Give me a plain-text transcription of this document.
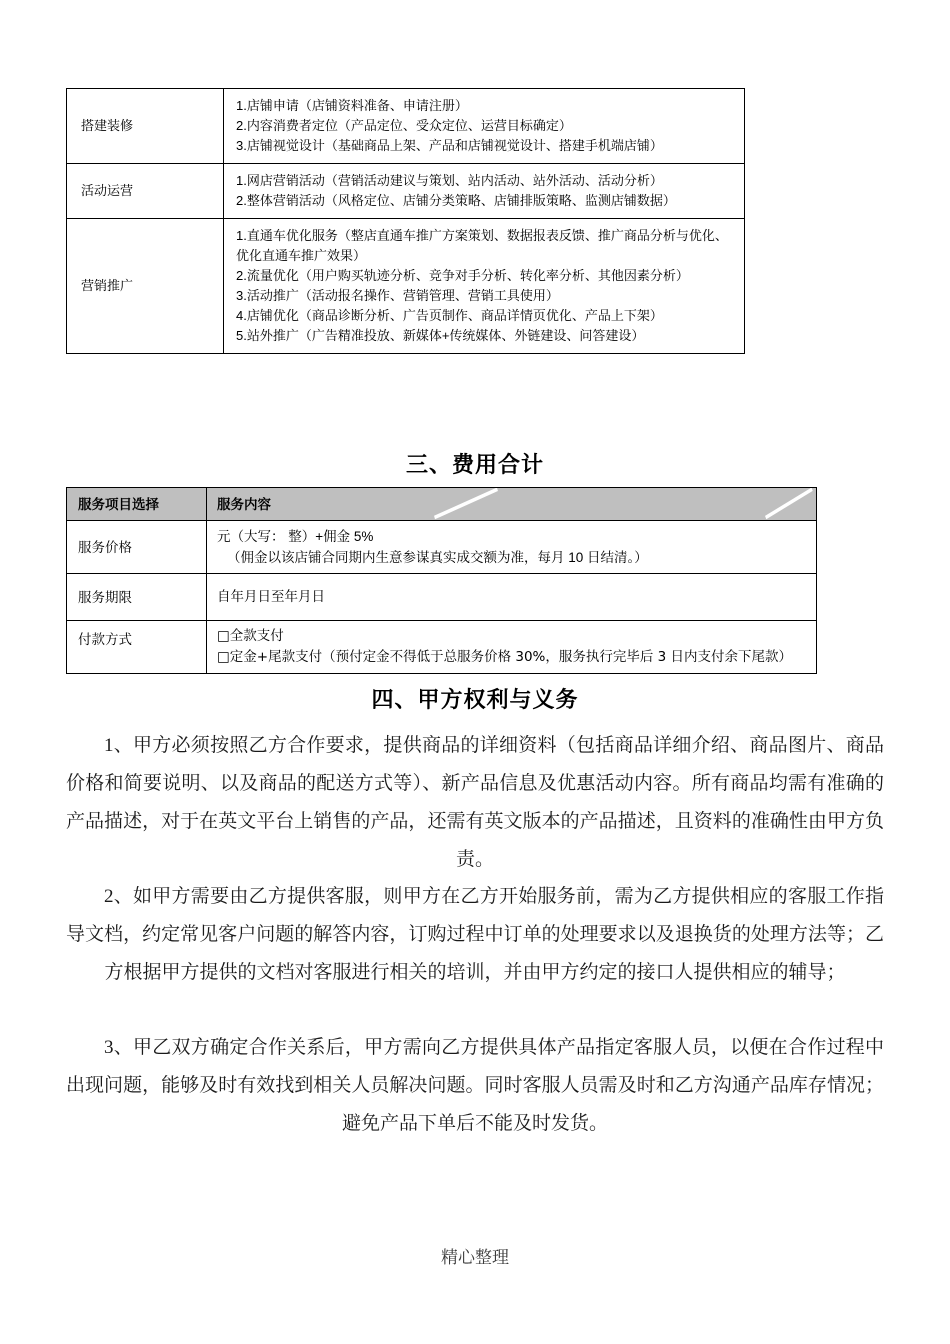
搭建装修	1.店铺申请（店铺资料准备、申请注册）
2.内容消费者定位（产品定位、受众定位、运营目标确定）
3.店铺视觉设计（基础商品上架、产品和店铺视觉设计、搭建手机端店铺）

活动运营	1.网店营销活动（营销活动建议与策划、站内活动、站外活动、活动分析）
2.整体营销活动（风格定位、店铺分类策略、店铺排版策略、监测店铺数据）

营销推广	1.直通车优化服务（整店直通车推广方案策划、数据报表反馈、推广商品分析与优化、优化直通车推广效果）
2.流量优化（用户购买轨迹分析、竞争对手分析、转化率分析、其他因素分析）
3.活动推广（活动报名操作、营销管理、营销工具使用）
4.店铺优化（商品诊断分析、广告页制作、商品详情页优化、产品上下架）
5.站外推广（广告精准投放、新媒体+传统媒体、外链建设、问答建设）
三、费用合计
服务项目选择	服务内容

服务价格	元（大写： 整）+佣金 5%
（佣金以该店铺合同期内生意参谋真实成交额为准，每月 10 日结清。）

服务期限	自年月日至年月日

付款方式	□全款支付
□定金+尾款支付（预付定金不得低于总服务价格 30%，服务执行完毕后 3 日内支付余下尾款）
四、甲方权利与义务
1、甲方必须按照乙方合作要求，提供商品的详细资料（包括商品详细介绍、商品图片、商品价格和简要说明、以及商品的配送方式等）、新产品信息及优惠活动内容。所有商品均需有准确的产品描述，对于在英文平台上销售的产品，还需有英文版本的产品描述，且资料的准确性由甲方负责。
2、如甲方需要由乙方提供客服，则甲方在乙方开始服务前，需为乙方提供相应的客服工作指导文档，约定常见客户问题的解答内容，订购过程中订单的处理要求以及退换货的处理方法等；乙方根据甲方提供的文档对客服进行相关的培训，并由甲方约定的接口人提供相应的辅导；
3、甲乙双方确定合作关系后，甲方需向乙方提供具体产品指定客服人员，以便在合作过程中出现问题，能够及时有效找到相关人员解决问题。同时客服人员需及时和乙方沟通产品库存情况；避免产品下单后不能及时发货。
精心整理
